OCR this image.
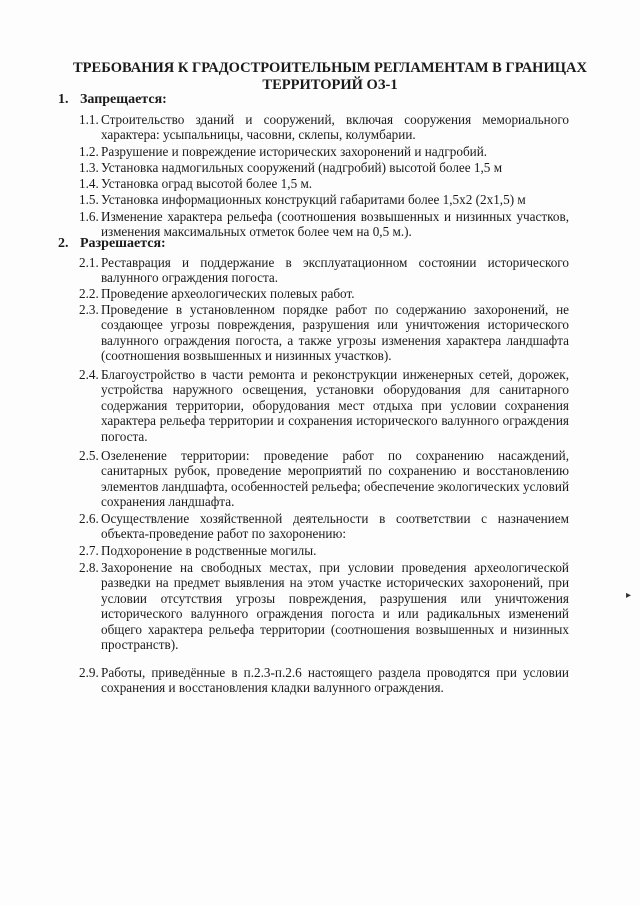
ТРЕБОВАНИЯ К ГРАДОСТРОИТЕЛЬНЫМ РЕГЛАМЕНТАМ В ГРАНИЦАХ
ТЕРРИТОРИЙ ОЗ-1
1. Запрещается:
1.1. Строительство зданий и сооружений, включая сооружения мемориального характера: усыпальницы, часовни, склепы, колумбарии.
1.2. Разрушение и повреждение исторических захоронений и надгробий.
1.3. Установка надмогильных сооружений (надгробий) высотой более 1,5 м
1.4. Установка оград высотой более 1,5 м.
1.5. Установка информационных конструкций габаритами более 1,5х2 (2х1,5) м
1.6. Изменение характера рельефа (соотношения возвышенных и низинных участков, изменения максимальных отметок более чем на 0,5 м.).
2. Разрешается:
2.1. Реставрация и поддержание в эксплуатационном состоянии исторического валунного ограждения погоста.
2.2. Проведение археологических полевых работ.
2.3. Проведение в установленном порядке работ по содержанию захоронений, не создающее угрозы повреждения, разрушения или уничтожения исторического валунного ограждения погоста, а также угрозы изменения характера ландшафта (соотношения возвышенных и низинных участков).
2.4. Благоустройство в части ремонта и реконструкции инженерных сетей, дорожек, устройства наружного освещения, установки оборудования для санитарного содержания территории, оборудования мест отдыха при условии сохранения характера рельефа территории и сохранения исторического валунного ограждения погоста.
2.5. Озеленение территории: проведение работ по сохранению насаждений, санитарных рубок, проведение мероприятий по сохранению и восстановлению элементов ландшафта, особенностей рельефа; обеспечение экологических условий сохранения ландшафта.
2.6. Осуществление хозяйственной деятельности в соответствии с назначением объекта-проведение работ по захоронению:
2.7. Подхоронение в родственные могилы.
2.8. Захоронение на свободных местах, при условии проведения археологической разведки на предмет выявления на этом участке исторических захоронений, при условии отсутствия угрозы повреждения, разрушения или уничтожения исторического валунного ограждения погоста и или радикальных изменений общего характера рельефа территории (соотношения возвышенных и низинных пространств).
2.9. Работы, приведённые в п.2.3-п.2.6 настоящего раздела проводятся при условии сохранения и восстановления кладки валунного ограждения.
▸
